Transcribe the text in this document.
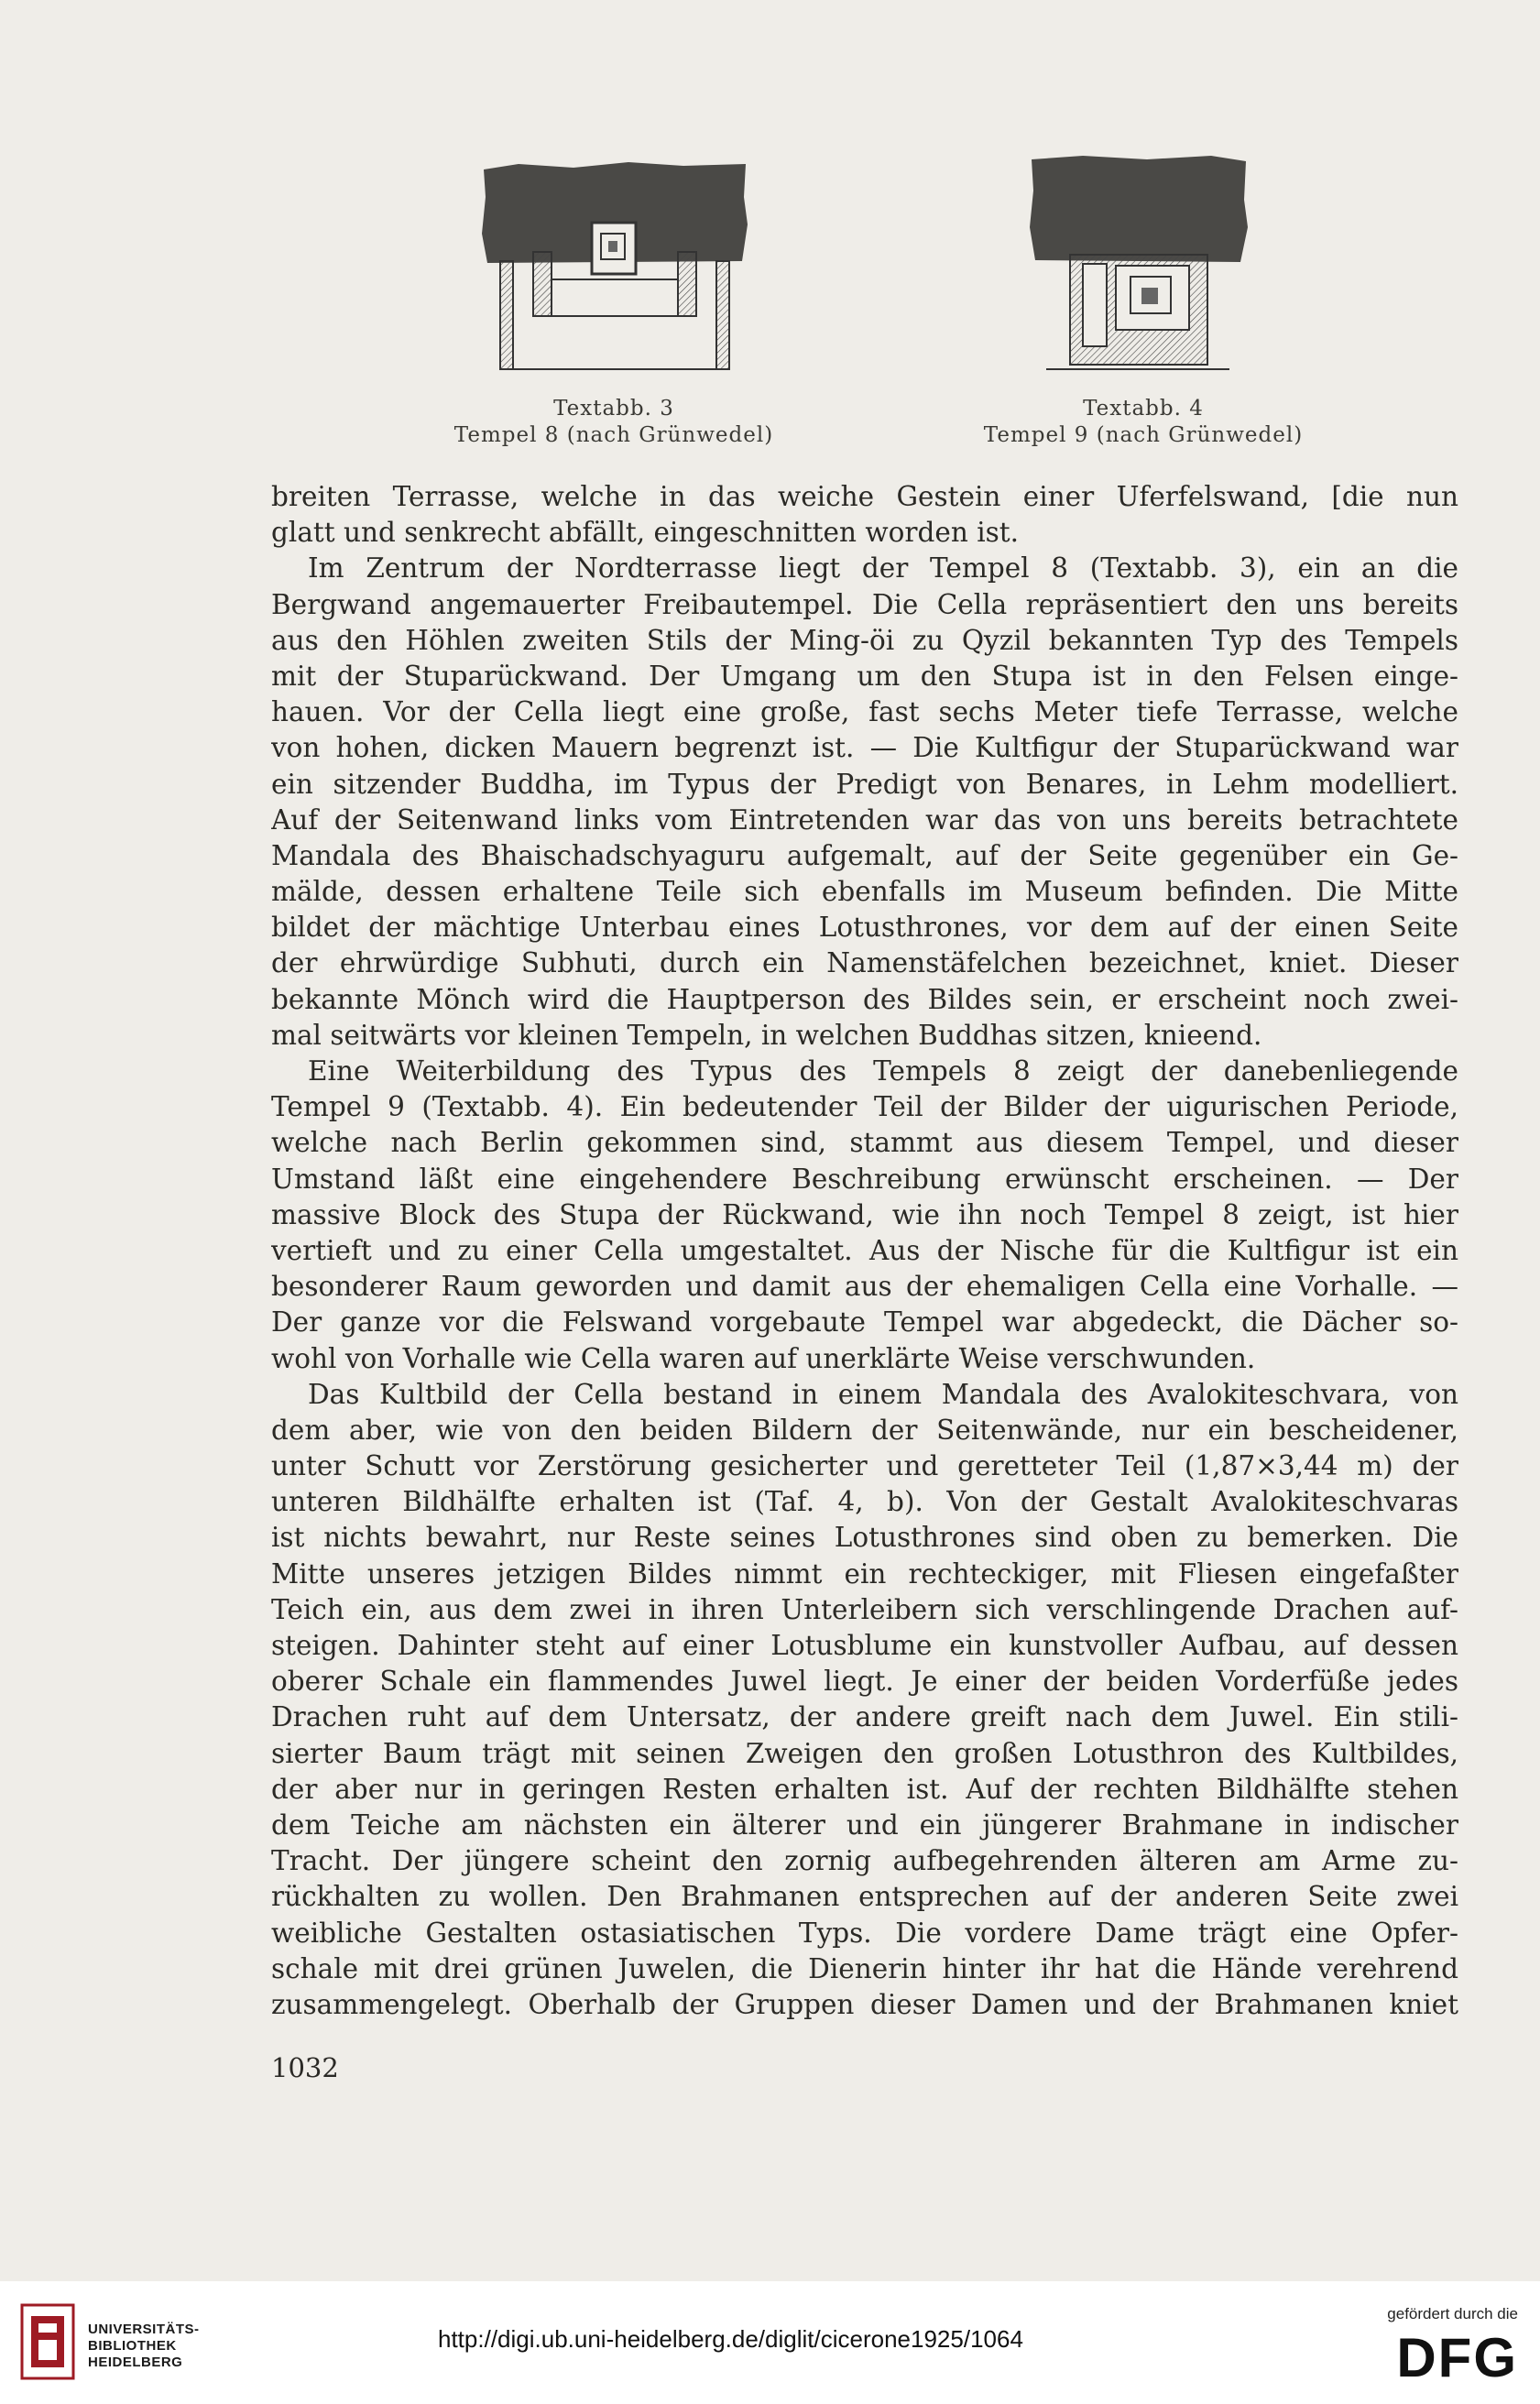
Textabb. 3
Tempel 8 (nach Grünwedel)
Textabb. 4
Tempel 9 (nach Grünwedel)
breiten Terrasse, welche in das weiche Gestein einer Uferfelswand, [die nun
glatt und senkrecht abfällt, eingeschnitten worden ist.
Im Zentrum der Nordterrasse liegt der Tempel 8 (Textabb. 3), ein an die
Bergwand angemauerter Freibautempel. Die Cella repräsentiert den uns bereits
aus den Höhlen zweiten Stils der Ming-öi zu Qyzil bekannten Typ des Tempels
mit der Stuparückwand. Der Umgang um den Stupa ist in den Felsen einge-
hauen. Vor der Cella liegt eine große, fast sechs Meter tiefe Terrasse, welche
von hohen, dicken Mauern begrenzt ist. — Die Kultfigur der Stuparückwand war
ein sitzender Buddha, im Typus der Predigt von Benares, in Lehm modelliert.
Auf der Seitenwand links vom Eintretenden war das von uns bereits betrachtete
Mandala des Bhaischadschyaguru aufgemalt, auf der Seite gegenüber ein Ge-
mälde, dessen erhaltene Teile sich ebenfalls im Museum befinden. Die Mitte
bildet der mächtige Unterbau eines Lotusthrones, vor dem auf der einen Seite
der ehrwürdige Subhuti, durch ein Namenstäfelchen bezeichnet, kniet. Dieser
bekannte Mönch wird die Hauptperson des Bildes sein, er erscheint noch zwei-
mal seitwärts vor kleinen Tempeln, in welchen Buddhas sitzen, knieend.
Eine Weiterbildung des Typus des Tempels 8 zeigt der danebenliegende
Tempel 9 (Textabb. 4). Ein bedeutender Teil der Bilder der uigurischen Periode,
welche nach Berlin gekommen sind, stammt aus diesem Tempel, und dieser
Umstand läßt eine eingehendere Beschreibung erwünscht erscheinen. — Der
massive Block des Stupa der Rückwand, wie ihn noch Tempel 8 zeigt, ist hier
vertieft und zu einer Cella umgestaltet. Aus der Nische für die Kultfigur ist ein
besonderer Raum geworden und damit aus der ehemaligen Cella eine Vorhalle. —
Der ganze vor die Felswand vorgebaute Tempel war abgedeckt, die Dächer so-
wohl von Vorhalle wie Cella waren auf unerklärte Weise verschwunden.
Das Kultbild der Cella bestand in einem Mandala des Avalokiteschvara, von
dem aber, wie von den beiden Bildern der Seitenwände, nur ein bescheidener,
unter Schutt vor Zerstörung gesicherter und geretteter Teil (1,87×3,44 m) der
unteren Bildhälfte erhalten ist (Taf. 4, b). Von der Gestalt Avalokiteschvaras
ist nichts bewahrt, nur Reste seines Lotusthrones sind oben zu bemerken. Die
Mitte unseres jetzigen Bildes nimmt ein rechteckiger, mit Fliesen eingefaßter
Teich ein, aus dem zwei in ihren Unterleibern sich verschlingende Drachen auf-
steigen. Dahinter steht auf einer Lotusblume ein kunstvoller Aufbau, auf dessen
oberer Schale ein flammendes Juwel liegt. Je einer der beiden Vorderfüße jedes
Drachen ruht auf dem Untersatz, der andere greift nach dem Juwel. Ein stili-
sierter Baum trägt mit seinen Zweigen den großen Lotusthron des Kultbildes,
der aber nur in geringen Resten erhalten ist. Auf der rechten Bildhälfte stehen
dem Teiche am nächsten ein älterer und ein jüngerer Brahmane in indischer
Tracht. Der jüngere scheint den zornig aufbegehrenden älteren am Arme zu-
rückhalten zu wollen. Den Brahmanen entsprechen auf der anderen Seite zwei
weibliche Gestalten ostasiatischen Typs. Die vordere Dame trägt eine Opfer-
schale mit drei grünen Juwelen, die Dienerin hinter ihr hat die Hände verehrend
zusammengelegt. Oberhalb der Gruppen dieser Damen und der Brahmanen kniet
1032
UNIVERSITÄTS-
BIBLIOTHEK
HEIDELBERG
http://digi.ub.uni-heidelberg.de/diglit/cicerone1925/1064
gefördert durch die
DFG
